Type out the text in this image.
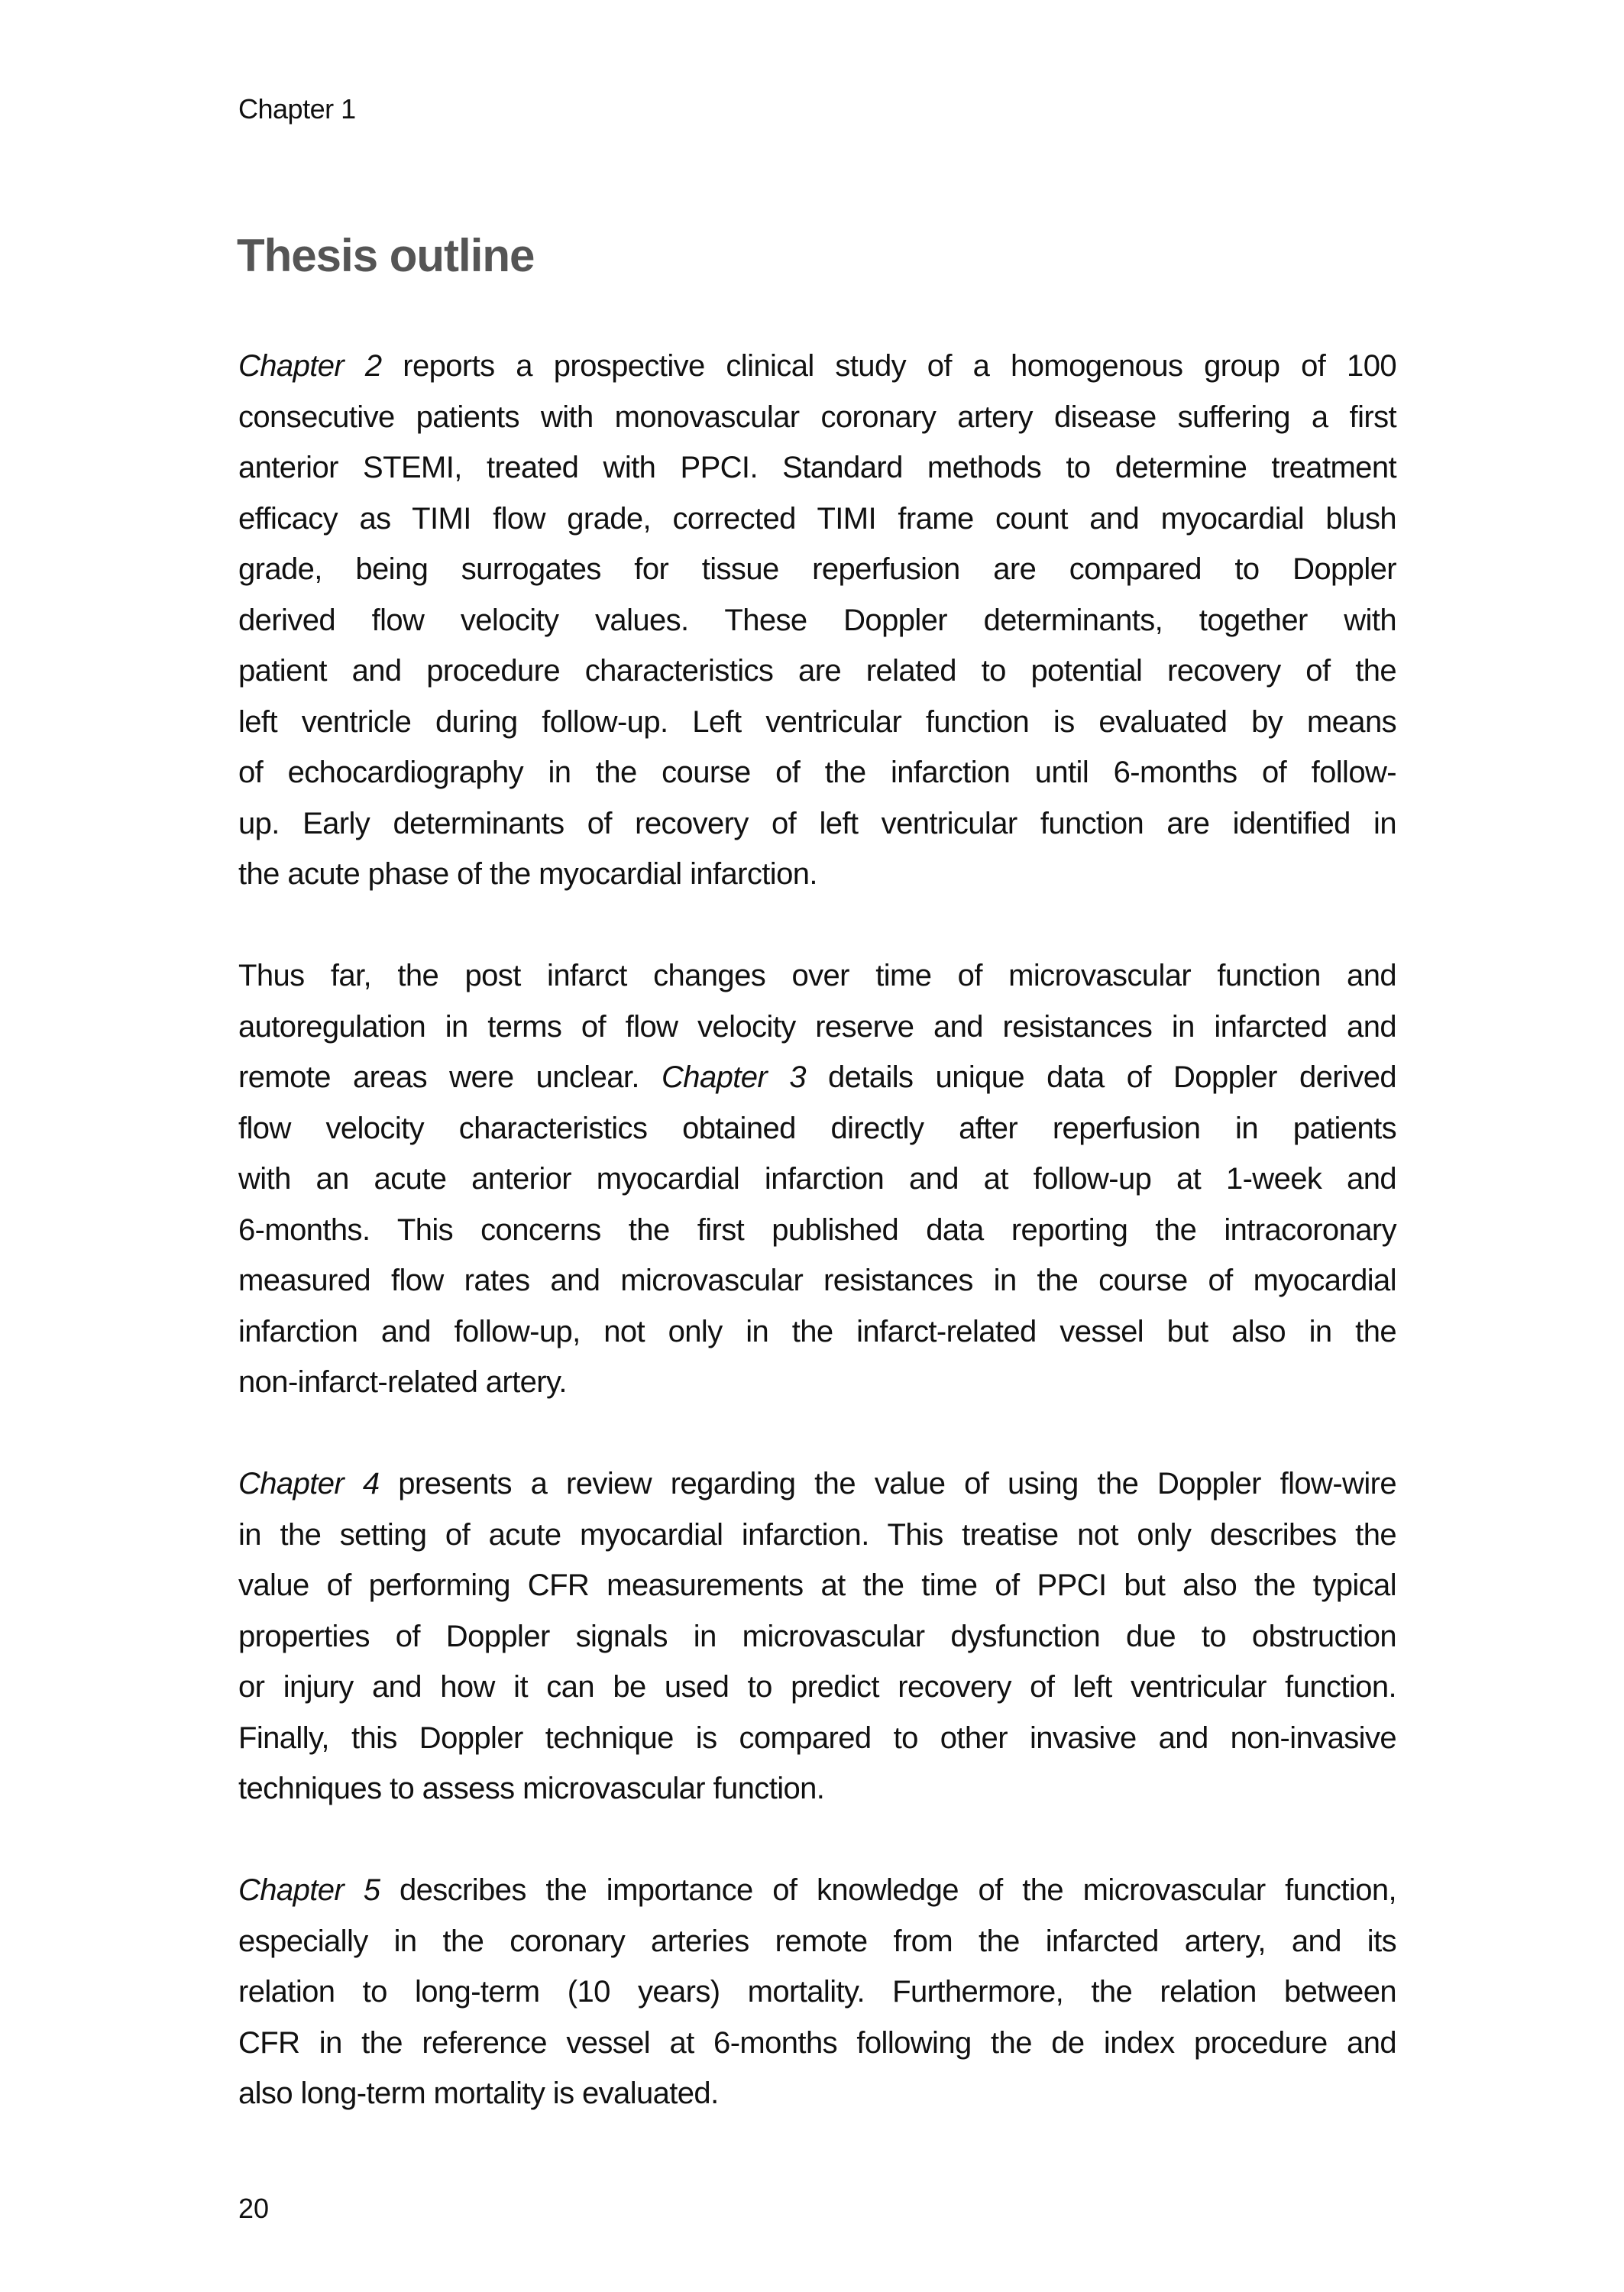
Chapter 1
Thesis outline
Chapter 2 reports a prospective clinical study of a homogenous group of 100
consecutive patients with monovascular coronary artery disease suffering a first
anterior STEMI, treated with PPCI. Standard methods to determine treatment
efficacy as TIMI flow grade, corrected TIMI frame count and myocardial blush
grade, being surrogates for tissue reperfusion are compared to Doppler
derived flow velocity values. These Doppler determinants, together with
patient and procedure characteristics are related to potential recovery of the
left ventricle during follow-up. Left ventricular function is evaluated by means
of echocardiography in the course of the infarction until 6-months of follow-
up. Early determinants of recovery of left ventricular function are identified in
the acute phase of the myocardial infarction.
Thus far, the post infarct changes over time of microvascular function and
autoregulation in terms of flow velocity reserve and resistances in infarcted and
remote areas were unclear. Chapter 3 details unique data of Doppler derived
flow velocity characteristics obtained directly after reperfusion in patients
with an acute anterior myocardial infarction and at follow-up at 1-week and
6-months. This concerns the first published data reporting the intracoronary
measured flow rates and microvascular resistances in the course of myocardial
infarction and follow-up, not only in the infarct-related vessel but also in the
non-infarct-related artery.
Chapter 4 presents a review regarding the value of using the Doppler flow-wire
in the setting of acute myocardial infarction. This treatise not only describes the
value of performing CFR measurements at the time of PPCI but also the typical
properties of Doppler signals in microvascular dysfunction due to obstruction
or injury and how it can be used to predict recovery of left ventricular function.
Finally, this Doppler technique is compared to other invasive and non-invasive
techniques to assess microvascular function.
Chapter 5 describes the importance of knowledge of the microvascular function,
especially in the coronary arteries remote from the infarcted artery, and its
relation to long-term (10 years) mortality. Furthermore, the relation between
CFR in the reference vessel at 6-months following the de index procedure and
also long-term mortality is evaluated.
20
